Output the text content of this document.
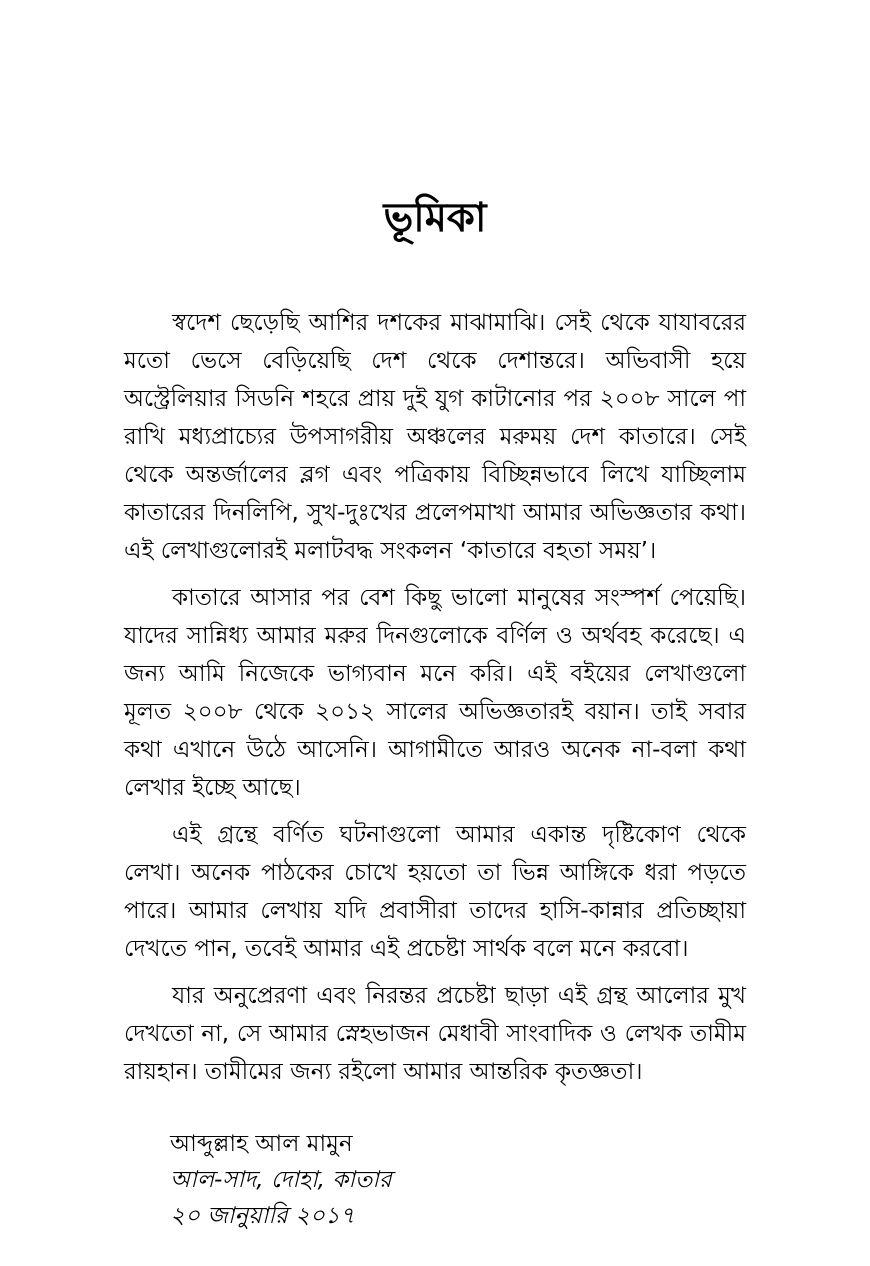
ভূমিকা

স্বদেশ ছেড়েছি আশির দশকের মাঝামাঝি। সেই থেকে যাযাবরের মতো ভেসে বেড়িয়েছি দেশ থেকে দেশান্তরে। অভিবাসী হয়ে অস্ট্রেলিয়ার সিডনি শহরে প্রায় দুই যুগ কাটানোর পর ২০০৮ সালে পা রাখি মধ্যপ্রাচ্যের উপসাগরীয় অঞ্চলের মরুময় দেশ কাতারে। সেই থেকে অন্তর্জালের ব্লগ এবং পত্রিকায় বিচ্ছিন্নভাবে লিখে যাচ্ছিলাম কাতারের দিনলিপি, সুখ-দুঃখের প্রলেপমাখা আমার অভিজ্ঞতার কথা। এই লেখাগুলোরই মলাটবদ্ধ সংকলন ‘কাতারে বহতা সময়’।

কাতারে আসার পর বেশ কিছু ভালো মানুষের সংস্পর্শ পেয়েছি। যাদের সান্নিধ্য আমার মরুর দিনগুলোকে বর্ণিল ও অর্থবহ করেছে। এ জন্য আমি নিজেকে ভাগ্যবান মনে করি। এই বইয়ের লেখাগুলো মূলত ২০০৮ থেকে ২০১২ সালের অভিজ্ঞতারই বয়ান। তাই সবার কথা এখানে উঠে আসেনি। আগামীতে আরও অনেক না-বলা কথা লেখার ইচ্ছে আছে।

এই গ্রন্থে বর্ণিত ঘটনাগুলো আমার একান্ত দৃষ্টিকোণ থেকে লেখা। অনেক পাঠকের চোখে হয়তো তা ভিন্ন আঙ্গিকে ধরা পড়তে পারে। আমার লেখায় যদি প্রবাসীরা তাদের হাসি-কান্নার প্রতিচ্ছায়া দেখতে পান, তবেই আমার এই প্রচেষ্টা সার্থক বলে মনে করবো।

যার অনুপ্রেরণা এবং নিরন্তর প্রচেষ্টা ছাড়া এই গ্রন্থ আলোর মুখ দেখতো না, সে আমার স্নেহভাজন মেধাবী সাংবাদিক ও লেখক তামীম রায়হান। তামীমের জন্য রইলো আমার আন্তরিক কৃতজ্ঞতা।

আব্দুল্লাহ আল মামুন
আল-সাদ, দোহা, কাতার
২০ জানুয়ারি ২০১৭
